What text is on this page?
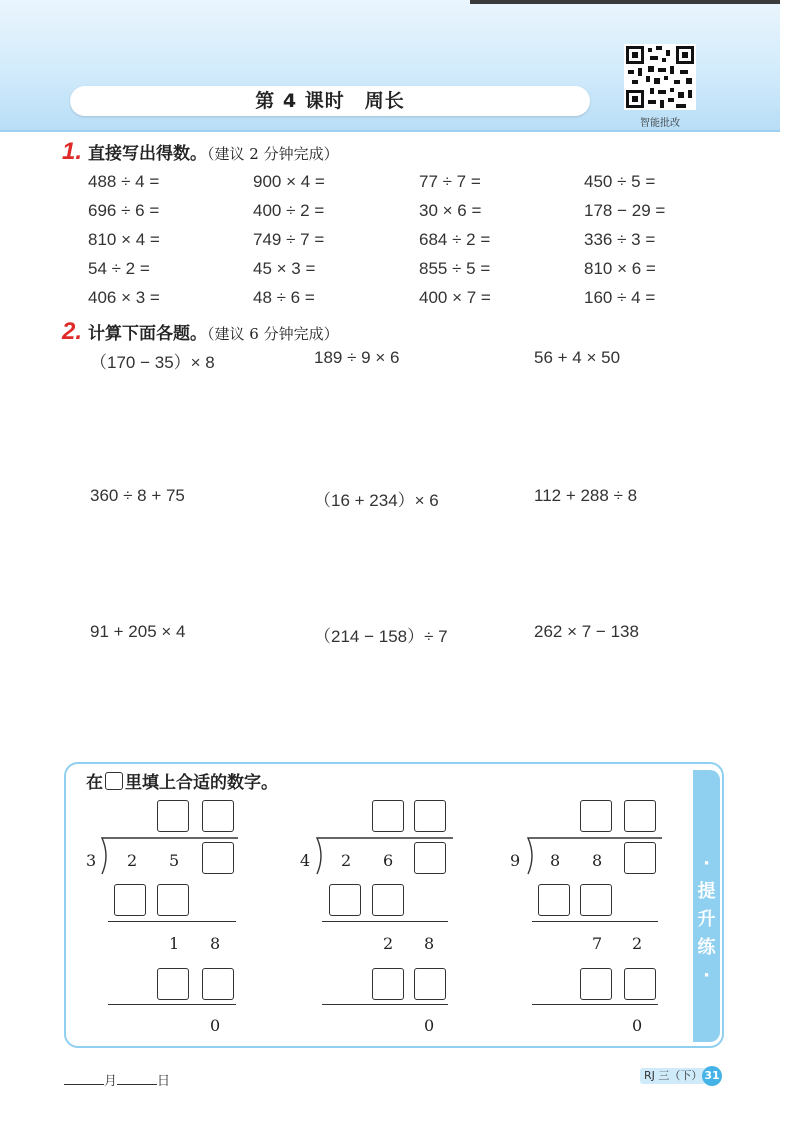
第 4 课时　周长
智能批改
1. 直接写出得数。（建议 2 分钟完成）
488 ÷ 4 =	900 × 4 =	77 ÷ 7 =	450 ÷ 5 =
696 ÷ 6 =	400 ÷ 2 =	30 × 6 =	178 − 29 =
810 × 4 =	749 ÷ 7 =	684 ÷ 2 =	336 ÷ 3 =
54 ÷ 2 =	45 × 3 =	855 ÷ 5 =	810 × 6 =
406 × 3 =	48 ÷ 6 =	400 × 7 =	160 ÷ 4 =
2. 计算下面各题。（建议 6 分钟完成）
（170 − 35）× 8	189 ÷ 9 × 6	56 + 4 × 50
360 ÷ 8 + 75	（16 + 234）× 6	112 + 288 ÷ 8
91 + 205 × 4	（214 − 158）÷ 7	262 × 7 − 138
·
提
升
练
·
在 里填上合适的数字。
3 2 5
1 8
0
4 2 6
2 8
0
9 8 8
7 2
0
月	日	RJ 三（下） 31
